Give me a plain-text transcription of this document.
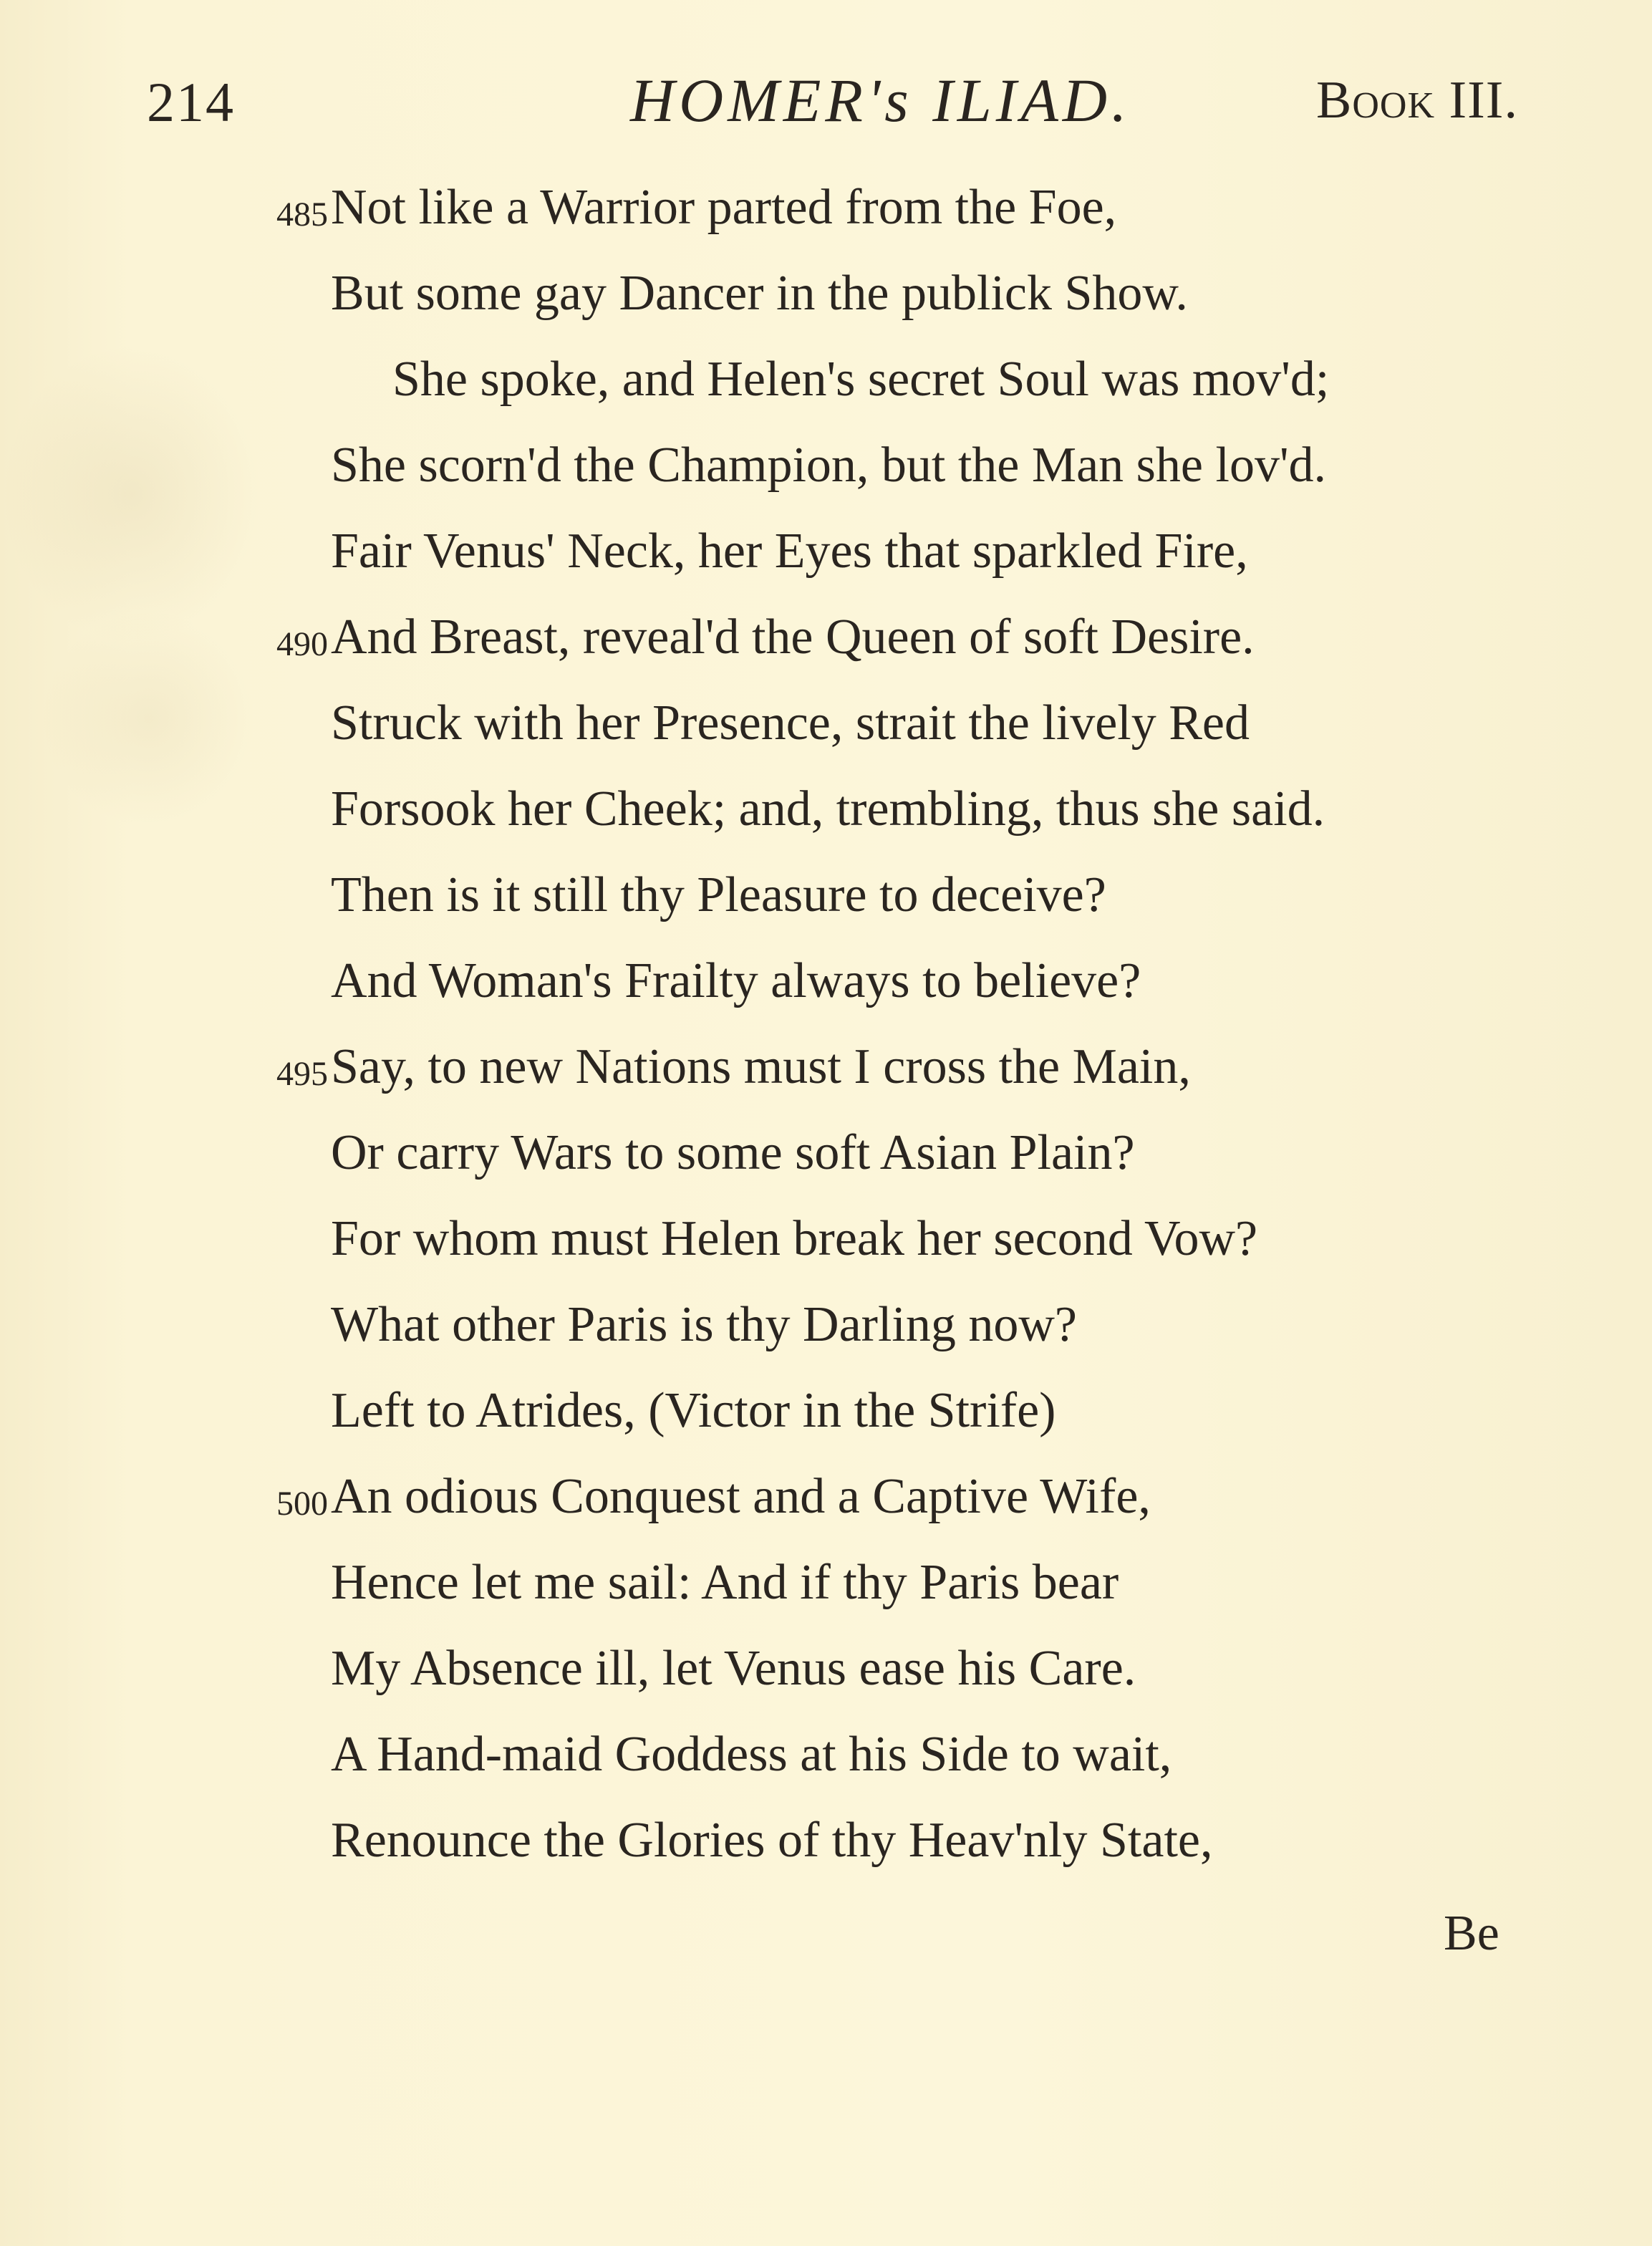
214	HOMER's ILIAD.	Book III.
485 Not like a Warrior parted from the Foe,
But some gay Dancer in the publick Show.
She spoke, and Helen's secret Soul was mov'd;
She scorn'd the Champion, but the Man she lov'd.
Fair Venus' Neck, her Eyes that sparkled Fire,
490 And Breast, reveal'd the Queen of soft Desire.
Struck with her Presence, strait the lively Red
Forsook her Cheek; and, trembling, thus she said.
Then is it still thy Pleasure to deceive?
And Woman's Frailty always to believe?
495 Say, to new Nations must I cross the Main,
Or carry Wars to some soft Asian Plain?
For whom must Helen break her second Vow?
What other Paris is thy Darling now?
Left to Atrides, (Victor in the Strife)
500 An odious Conquest and a Captive Wife,
Hence let me sail: And if thy Paris bear
My Absence ill, let Venus ease his Care.
A Hand-maid Goddess at his Side to wait,
Renounce the Glories of thy Heav'nly State,
Be
